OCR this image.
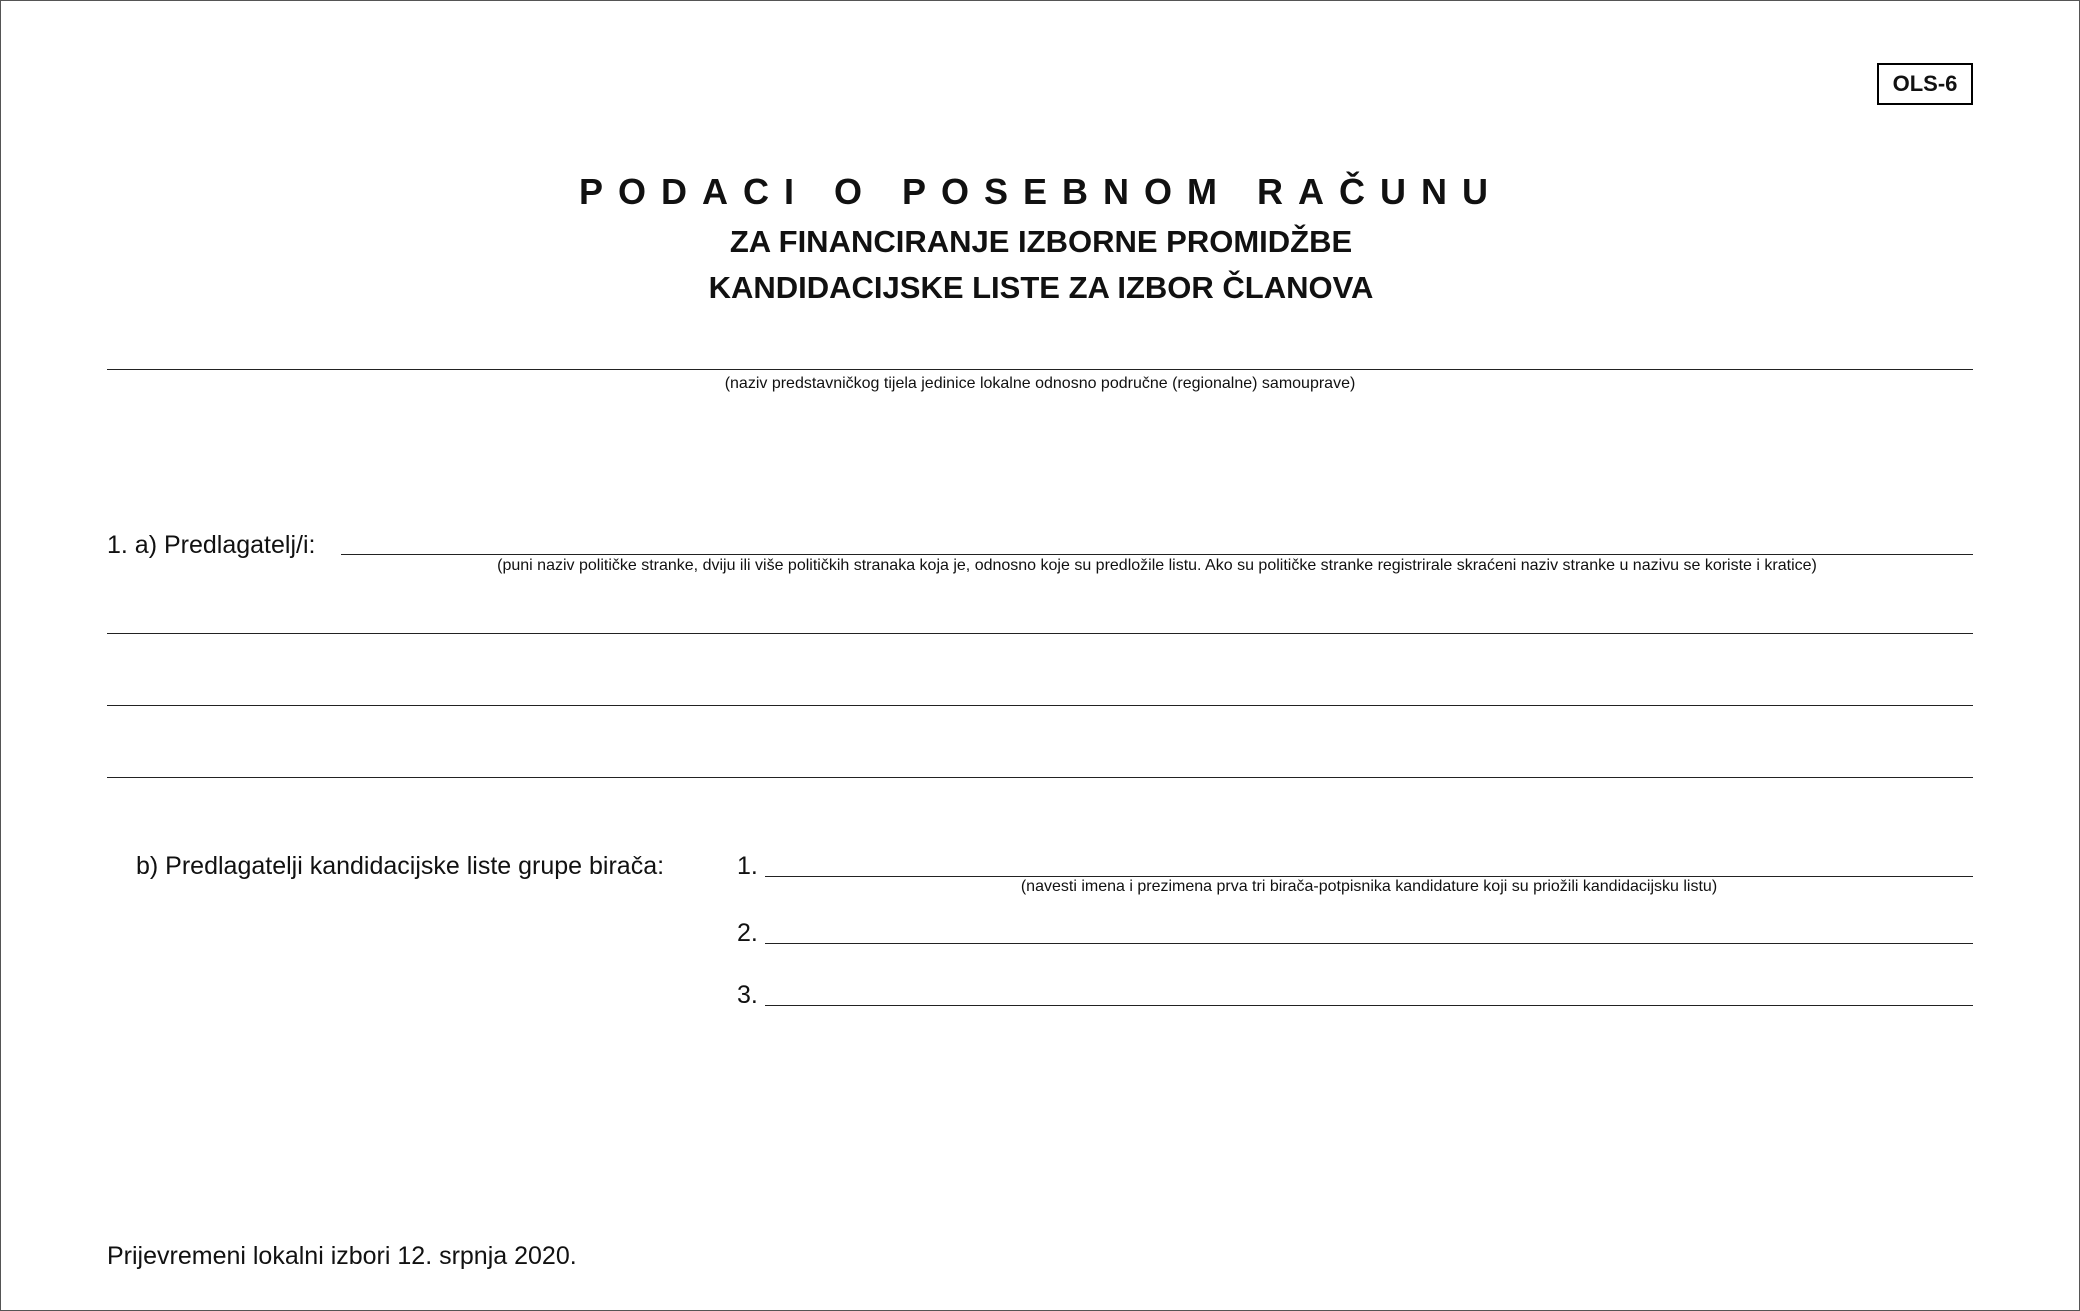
OLS-6
PODACI O POSEBNOM RAČUNU
ZA FINANCIRANJE IZBORNE PROMIDŽBE
KANDIDACIJSKE LISTE ZA IZBOR ČLANOVA
(naziv predstavničkog tijela jedinice lokalne odnosno područne (regionalne) samouprave)
1. a) Predlagatelj/i:
(puni naziv političke stranke, dviju ili više političkih stranaka koja je, odnosno koje su predložile listu. Ako su političke stranke registrirale skraćeni naziv stranke u nazivu se koriste i kratice)
b) Predlagatelji kandidacijske liste grupe birača:	1.
(navesti imena i prezimena prva tri birača-potpisnika kandidature koji su priožili kandidacijsku listu)
2.
3.
Prijevremeni lokalni izbori 12. srpnja 2020.
